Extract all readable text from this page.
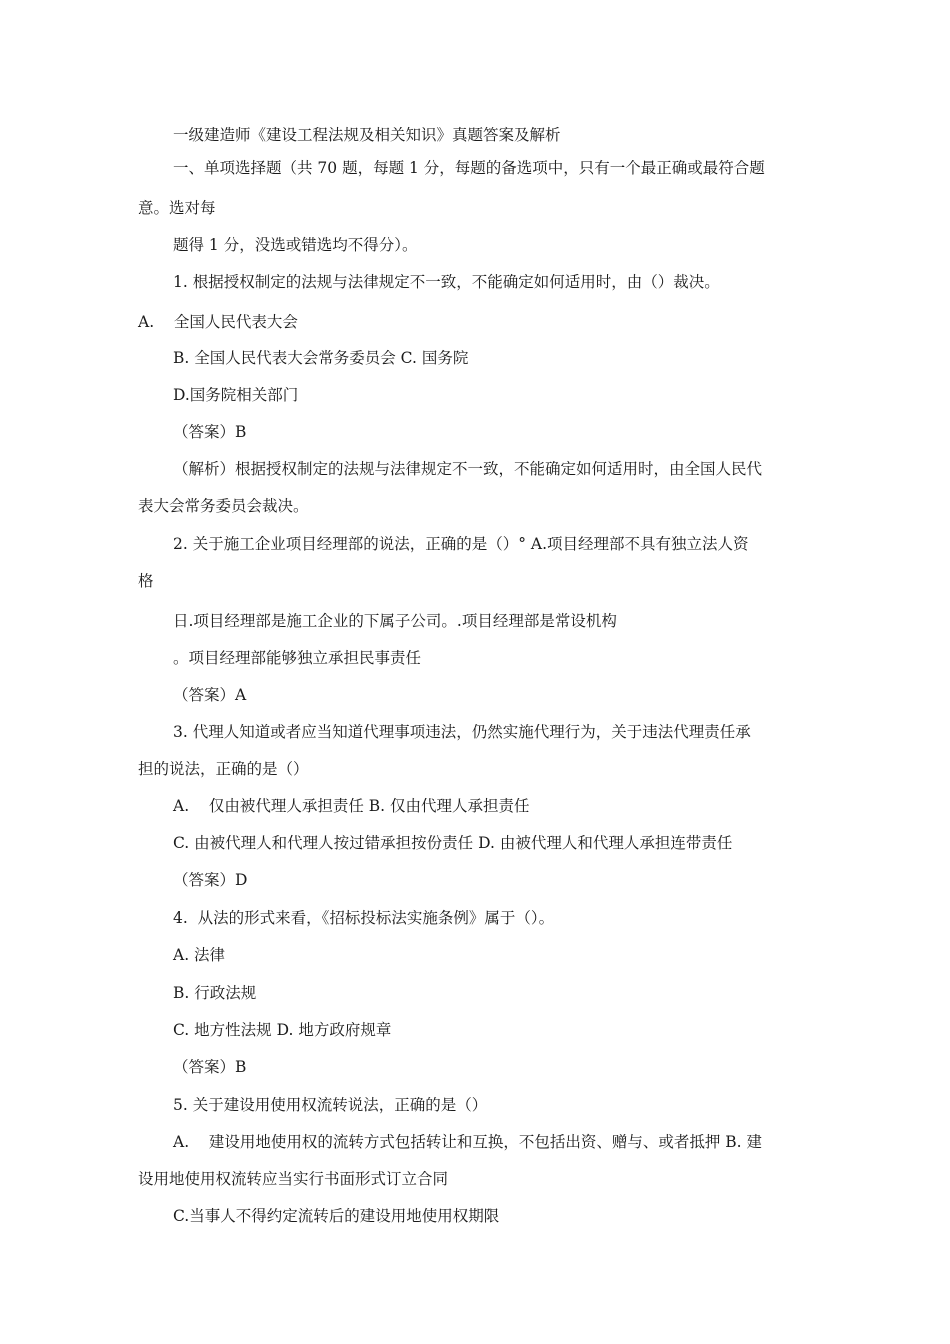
一级建造师《建设工程法规及相关知识》真题答案及解析
一、单项选择题（共 70 题，每题 1 分，每题的备选项中，只有一个最正确或最符合题
意。选对每
题得 1 分，没选或错选均不得分）。
1. 根据授权制定的法规与法律规定不一致，不能确定如何适用时，由（）裁决。
A.    全国人民代表大会
B. 全国人民代表大会常务委员会 C. 国务院
D.国务院相关部门
（答案）B
（解析）根据授权制定的法规与法律规定不一致，不能确定如何适用时，由全国人民代
表大会常务委员会裁决。
2. 关于施工企业项目经理部的说法，正确的是（）° A.项目经理部不具有独立法人资
格
日.项目经理部是施工企业的下属子公司。.项目经理部是常设机构
。项目经理部能够独立承担民事责任
（答案）A
3. 代理人知道或者应当知道代理事项违法，仍然实施代理行为，关于违法代理责任承
担的说法，正确的是（）
A.    仅由被代理人承担责任 B. 仅由代理人承担责任
C. 由被代理人和代理人按过错承担按份责任 D. 由被代理人和代理人承担连带责任
（答案）D
4.  从法的形式来看，《招标投标法实施条例》属于（）。
A. 法律
B. 行政法规
C. 地方性法规 D. 地方政府规章
（答案）B
5. 关于建设用使用权流转说法，正确的是（）
A.    建设用地使用权的流转方式包括转让和互换，不包括出资、赠与、或者抵押 B. 建
设用地使用权流转应当实行书面形式订立合同
C.当事人不得约定流转后的建设用地使用权期限
